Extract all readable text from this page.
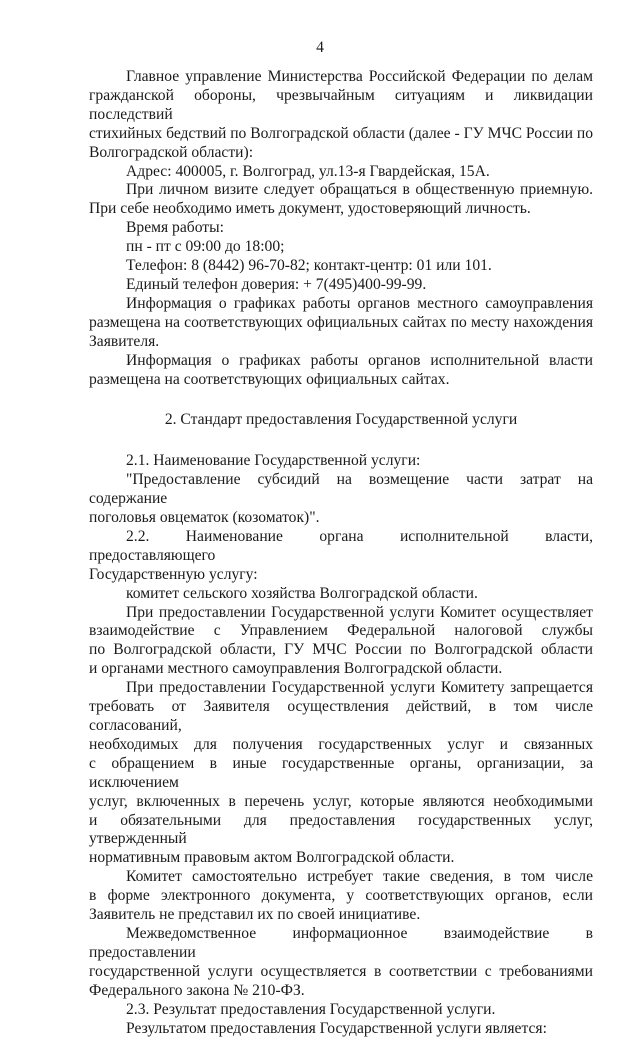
4

Главное управление Министерства Российской Федерации по делам

гражданской обороны, чрезвычайным ситуациям и ликвидации последствий

стихийных бедствий по Волгоградской области (далее - ГУ МЧС России по

Волгоградской области):

Адрес: 400005, г. Волгоград, ул.13-я Гвардейская, 15А.

При личном визите следует обращаться в общественную приемную.

При себе необходимо иметь документ, удостоверяющий личность.

Время работы:

пн - пт с 09:00 до 18:00;

Телефон: 8 (8442) 96-70-82; контакт-центр: 01 или 101.

Единый телефон доверия: + 7(495)400-99-99.

Информация о графиках работы органов местного самоуправления

размещена на соответствующих официальных сайтах по месту нахождения

Заявителя.

Информация о графиках работы органов исполнительной власти

размещена на соответствующих официальных сайтах.

2. Стандарт предоставления Государственной услуги

2.1. Наименование Государственной услуги:

"Предоставление субсидий на возмещение части затрат на содержание

поголовья овцематок (козоматок)".

2.2. Наименование органа исполнительной власти, предоставляющего

Государственную услугу:

комитет сельского хозяйства Волгоградской области.

При предоставлении Государственной услуги Комитет осуществляет

взаимодействие с Управлением Федеральной налоговой службы

по Волгоградской области, ГУ МЧС России по Волгоградской области

и органами местного самоуправления Волгоградской области.

При предоставлении Государственной услуги Комитету запрещается

требовать от Заявителя осуществления действий, в том числе согласований,

необходимых для получения государственных услуг и связанных

с обращением в иные государственные органы, организации, за исключением

услуг, включенных в перечень услуг, которые являются необходимыми

и обязательными для предоставления государственных услуг, утвержденный

нормативным правовым актом Волгоградской области.

Комитет самостоятельно истребует такие сведения, в том числе

в форме электронного документа, у соответствующих органов, если

Заявитель не представил их по своей инициативе.

Межведомственное информационное взаимодействие в предоставлении

государственной услуги осуществляется в соответствии с требованиями

Федерального закона № 210-ФЗ.

2.3. Результат предоставления Государственной услуги.

Результатом предоставления Государственной услуги является:
